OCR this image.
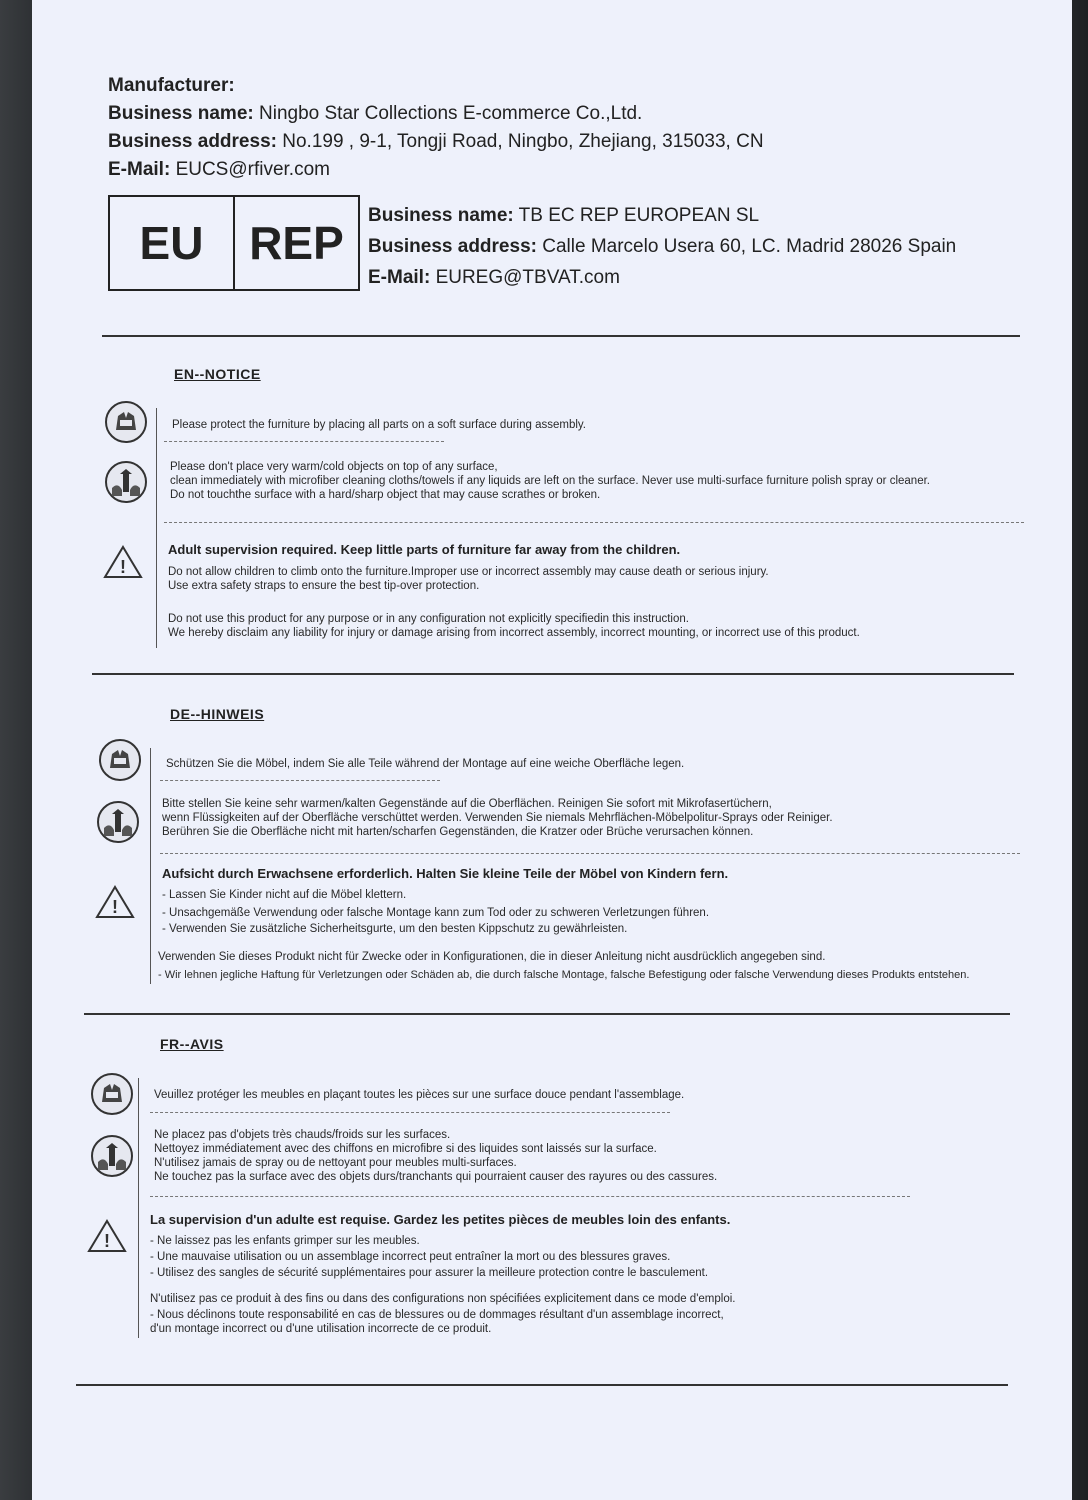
Manufacturer:
Business name: Ningbo Star Collections E-commerce Co.,Ltd.
Business address: No.199 , 9-1, Tongji Road, Ningbo, Zhejiang, 315033, CN
E-Mail: EUCS@rfiver.com
EU REP
Business name: TB EC REP EUROPEAN SL
Business address: Calle Marcelo Usera 60, LC. Madrid 28026 Spain
E-Mail: EUREG@TBVAT.com
EN--NOTICE
Please protect the furniture by placing all parts on a soft surface during assembly.
Please don't place very warm/cold objects on top of any surface,
clean immediately with microfiber cleaning cloths/towels if any liquids are left on the surface. Never use multi-surface furniture polish spray or cleaner.
Do not touchthe surface with a hard/sharp object that may cause scrathes or broken.
!
Adult supervision required. Keep little parts of furniture far away from the children.
Do not allow children to climb onto the furniture.Improper use or incorrect assembly may cause death or serious injury.
Use extra safety straps to ensure the best tip-over protection.
Do not use this product for any purpose or in any configuration not explicitly specifiedin this instruction.
We hereby disclaim any liability for injury or damage arising from incorrect assembly, incorrect mounting, or incorrect use of this product.
DE--HINWEIS
Schützen Sie die Möbel, indem Sie alle Teile während der Montage auf eine weiche Oberfläche legen.
Bitte stellen Sie keine sehr warmen/kalten Gegenstände auf die Oberflächen. Reinigen Sie sofort mit Mikrofasertüchern,
wenn Flüssigkeiten auf der Oberfläche verschüttet werden. Verwenden Sie niemals Mehrflächen-Möbelpolitur-Sprays oder Reiniger.
Berühren Sie die Oberfläche nicht mit harten/scharfen Gegenständen, die Kratzer oder Brüche verursachen können.
!
Aufsicht durch Erwachsene erforderlich. Halten Sie kleine Teile der Möbel von Kindern fern.
- Lassen Sie Kinder nicht auf die Möbel klettern.
- Unsachgemäße Verwendung oder falsche Montage kann zum Tod oder zu schweren Verletzungen führen.
- Verwenden Sie zusätzliche Sicherheitsgurte, um den besten Kippschutz zu gewährleisten.
Verwenden Sie dieses Produkt nicht für Zwecke oder in Konfigurationen, die in dieser Anleitung nicht ausdrücklich angegeben sind.
- Wir lehnen jegliche Haftung für Verletzungen oder Schäden ab, die durch falsche Montage, falsche Befestigung oder falsche Verwendung dieses Produkts entstehen.
FR--AVIS
Veuillez protéger les meubles en plaçant toutes les pièces sur une surface douce pendant l'assemblage.
Ne placez pas d'objets très chauds/froids sur les surfaces.
Nettoyez immédiatement avec des chiffons en microfibre si des liquides sont laissés sur la surface.
N'utilisez jamais de spray ou de nettoyant pour meubles multi-surfaces.
Ne touchez pas la surface avec des objets durs/tranchants qui pourraient causer des rayures ou des cassures.
!
La supervision d'un adulte est requise. Gardez les petites pièces de meubles loin des enfants.
- Ne laissez pas les enfants grimper sur les meubles.
- Une mauvaise utilisation ou un assemblage incorrect peut entraîner la mort ou des blessures graves.
- Utilisez des sangles de sécurité supplémentaires pour assurer la meilleure protection contre le basculement.
N'utilisez pas ce produit à des fins ou dans des configurations non spécifiées explicitement dans ce mode d'emploi.
- Nous déclinons toute responsabilité en cas de blessures ou de dommages résultant d'un assemblage incorrect,
d'un montage incorrect ou d'une utilisation incorrecte de ce produit.
